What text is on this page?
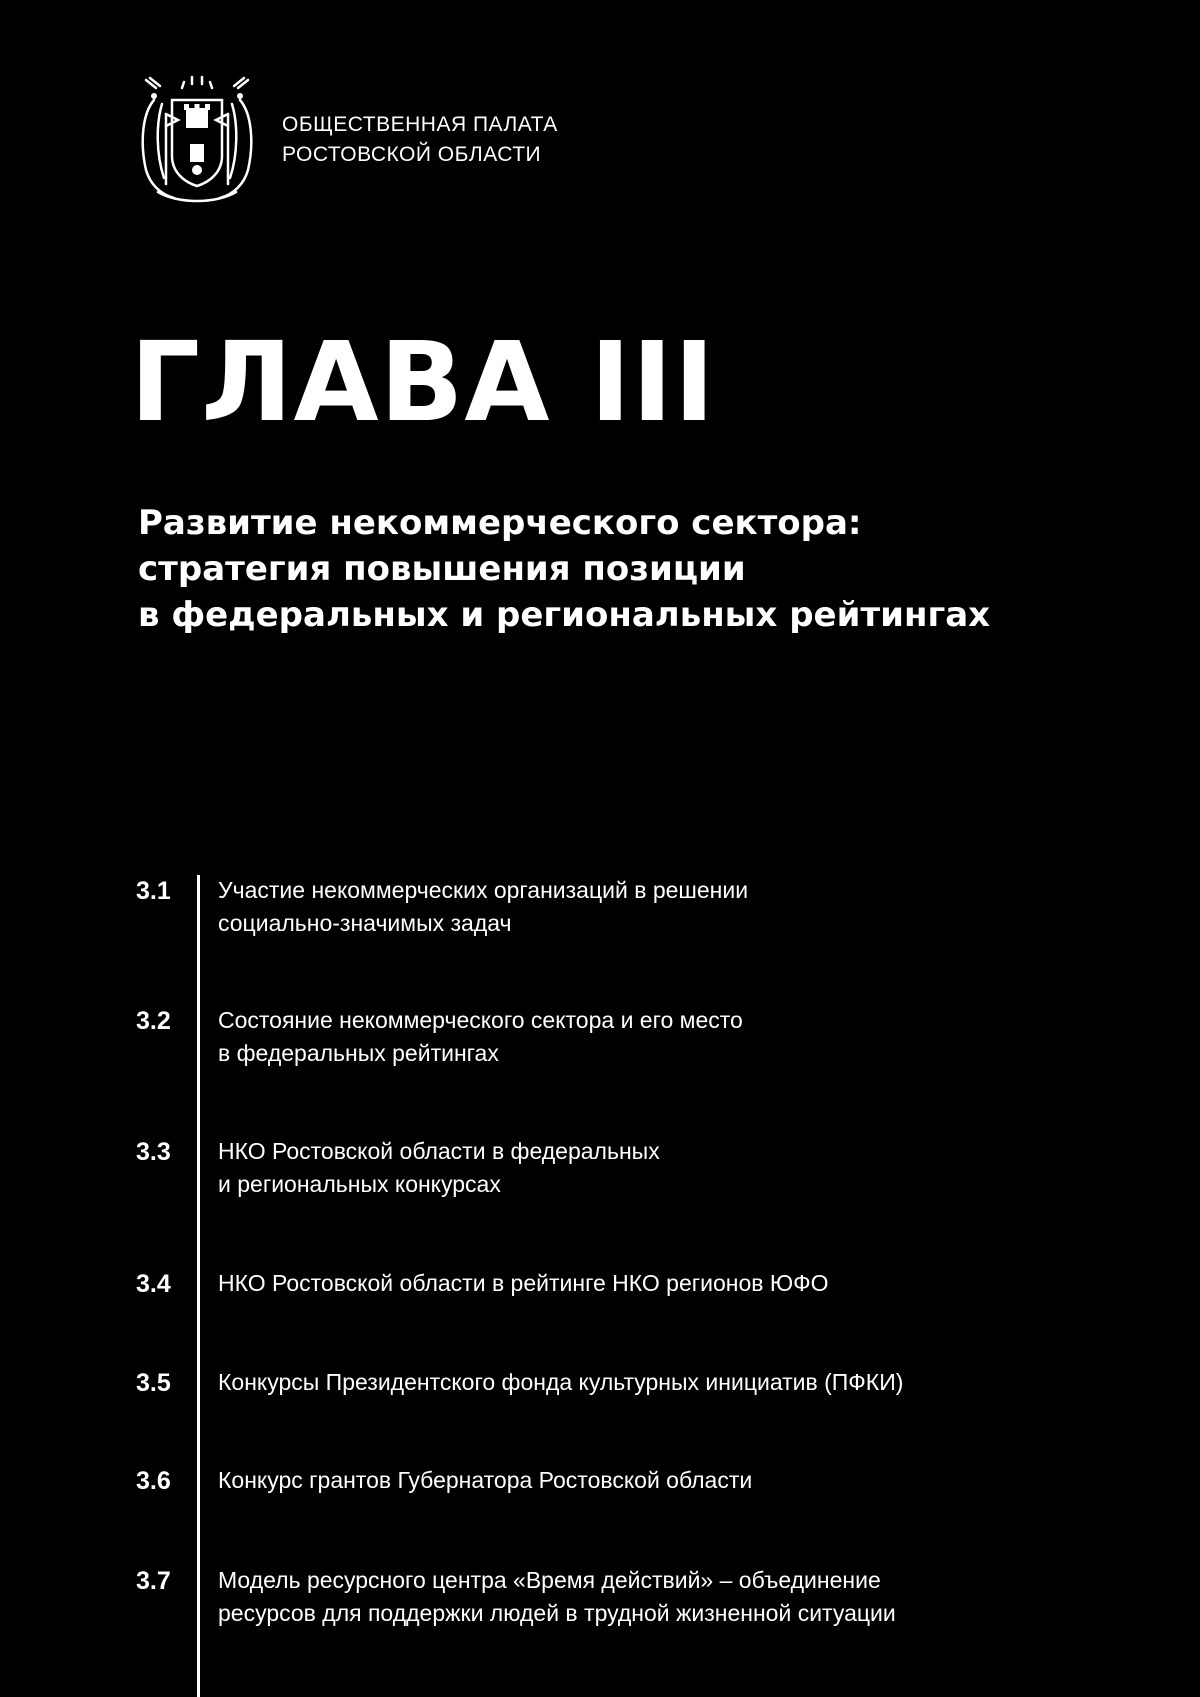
ОБЩЕСТВЕННАЯ ПАЛАТА
РОСТОВСКОЙ ОБЛАСТИ
ГЛАВА III
Развитие некоммерческого сектора:
стратегия повышения позиции
в федеральных и региональных рейтингах
3.1 Участие некоммерческих организаций в решении
социально-значимых задач
3.2 Состояние некоммерческого сектора и его место
в федеральных рейтингах
3.3 НКО Ростовской области в федеральных
и региональных конкурсах
3.4 НКО Ростовской области в рейтинге НКО регионов ЮФО
3.5 Конкурсы Президентского фонда культурных инициатив (ПФКИ)
3.6 Конкурс грантов Губернатора Ростовской области
3.7 Модель ресурсного центра «Время действий» – объединение
ресурсов для поддержки людей в трудной жизненной ситуации
